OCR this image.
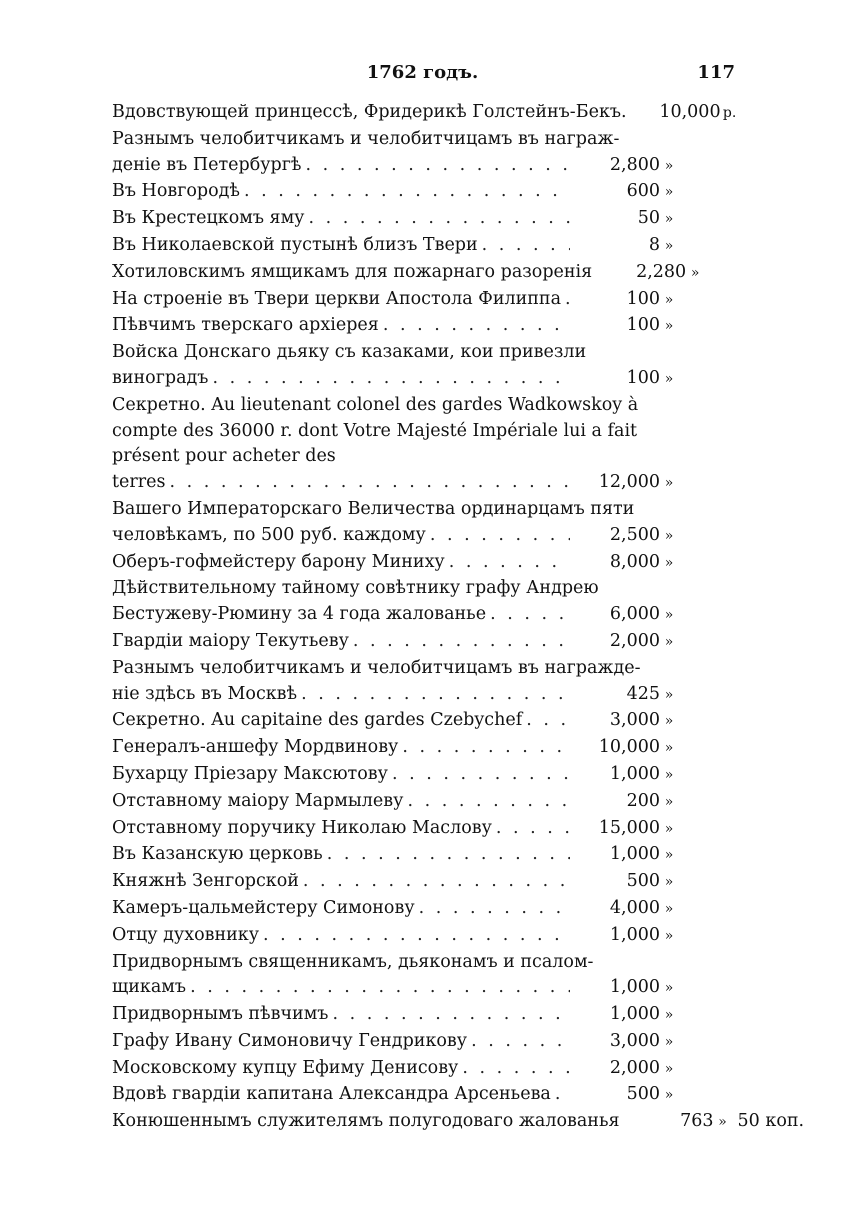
1762 годъ.	117
Вдовствующей принцессѣ, Фридерикѣ Голстейнъ-Бекъ.	10,000 р.
Разнымъ челобитчикамъ и челобитчицамъ въ награж-
деніе въ Петербургѣ . . .	2,800 »
Въ Новгородѣ . . .	600 »
Въ Крестецкомъ яму . . .	50 »
Въ Николаевской пустынѣ близъ Твери . . .	8 »
Хотиловскимъ ямщикамъ для пожарнаго разоренія	2,280 »
На строеніе въ Твери церкви Апостола Филиппа . . .	100 »
Пѣвчимъ тверскаго архіерея . . .	100 »
Войска Донскаго дьяку съ казаками, кои привезли
виноградъ . . .	100 »
Секретно. Au lieutenant colonel des gardes Wadkowskoy à compte des 36000 r. dont Votre Majesté Impériale lui a fait présent pour acheter des
terres . . .	12,000 »
Вашего Императорскаго Величества ординарцамъ пяти
человѣкамъ, по 500 руб. каждому . . .	2,500 »
Оберъ-гофмейстеру барону Миниху . . .	8,000 »
Дѣйствительному тайному совѣтнику графу Андрею
Бестужеву-Рюмину за 4 года жалованье . . .	6,000 »
Гвардіи маіору Текутьеву . . .	2,000 »
Разнымъ челобитчикамъ и челобитчицамъ въ награжде-
ніе здѣсь въ Москвѣ . . .	425 »
Секретно. Au capitaine des gardes Czebychef . . .	3,000 »
Генералъ-аншефу Мордвинову . . .	10,000 »
Бухарцу Пріезару Максютову . . .	1,000 »
Отставному маіору Мармылеву . . .	200 »
Отставному поручику Николаю Маслову . . .	15,000 »
Въ Казанскую церковь . . .	1,000 »
Княжнѣ Зенгорской . . .	500 »
Камеръ-цальмейстеру Симонову . . .	4,000 »
Отцу духовнику . . .	1,000 »
Придворнымъ священникамъ, дьяконамъ и псалом-
щикамъ . . .	1,000 »
Придворнымъ пѣвчимъ . . .	1,000 »
Графу Ивану Симоновичу Гендрикову . . .	3,000 »
Московскому купцу Ефиму Денисову . . .	2,000 »
Вдовѣ гвардіи капитана Александра Арсеньева . . .	500 »
Конюшеннымъ служителямъ полугодоваго жалованья	763 » 50 коп.
